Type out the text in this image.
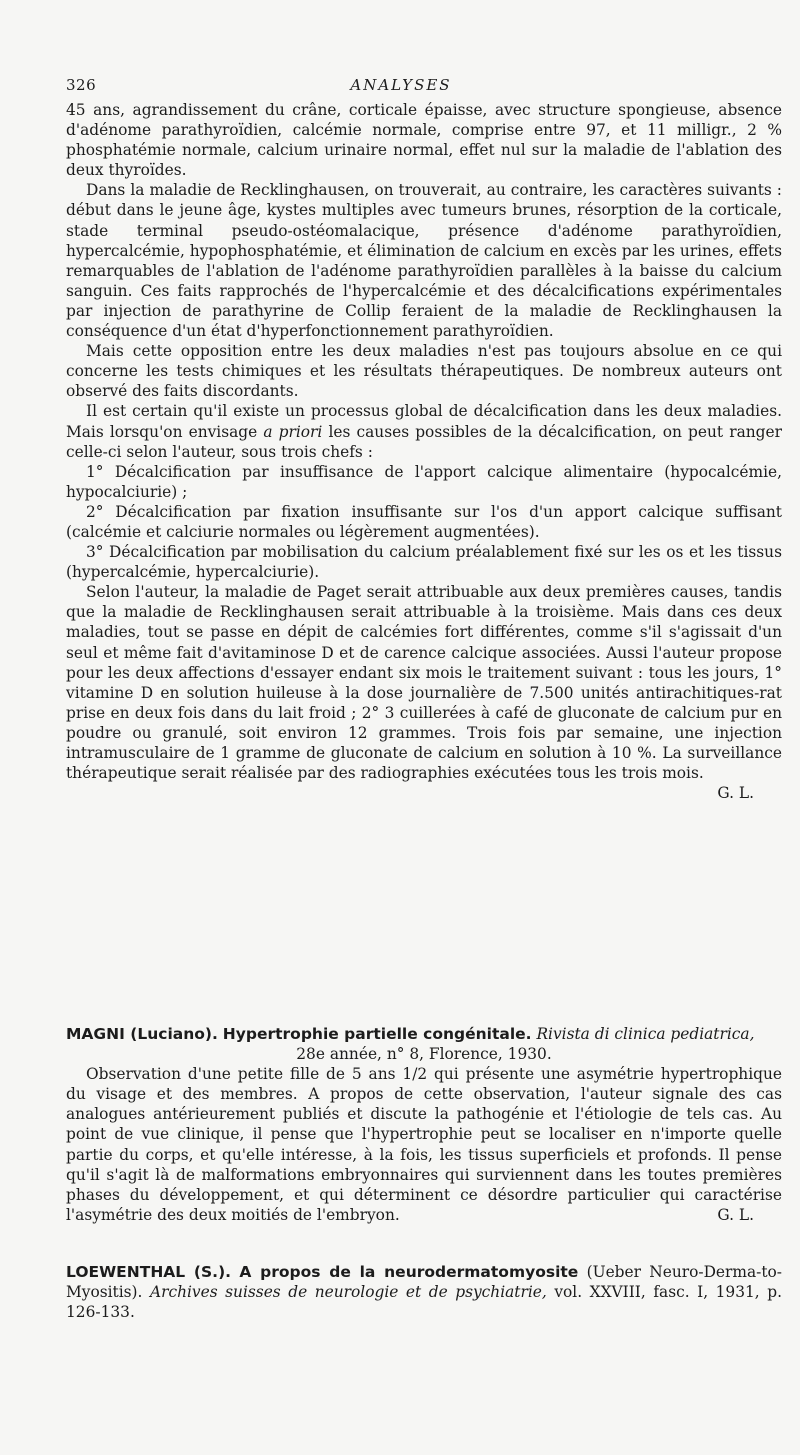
326	ANALYSES

45 ans, agrandissement du crâne, corticale épaisse, avec structure spongieuse, absence d'adénome parathyroïdien, calcémie normale, comprise entre 97, et 11 milligr., 2 % phosphatémie normale, calcium urinaire normal, effet nul sur la maladie de l'ablation des deux thyroïdes.

Dans la maladie de Recklinghausen, on trouverait, au contraire, les caractères suivants : début dans le jeune âge, kystes multiples avec tumeurs brunes, résorption de la corticale, stade terminal pseudo-ostéomalacique, présence d'adénome parathyroïdien, hypercalcémie, hypophosphatémie, et élimination de calcium en excès par les urines, effets remarquables de l'ablation de l'adénome parathyroïdien parallèles à la baisse du calcium sanguin. Ces faits rapprochés de l'hypercalcémie et des décalcifications expérimentales par injection de parathyrine de Collip feraient de la maladie de Recklinghausen la conséquence d'un état d'hyperfonctionnement parathyroïdien.

Mais cette opposition entre les deux maladies n'est pas toujours absolue en ce qui concerne les tests chimiques et les résultats thérapeutiques. De nombreux auteurs ont observé des faits discordants.

Il est certain qu'il existe un processus global de décalcification dans les deux maladies. Mais lorsqu'on envisage a priori les causes possibles de la décalcification, on peut ranger celle-ci selon l'auteur, sous trois chefs :

1° Décalcification par insuffisance de l'apport calcique alimentaire (hypocalcémie, hypocalciurie) ;

2° Décalcification par fixation insuffisante sur l'os d'un apport calcique suffisant (calcémie et calciurie normales ou légèrement augmentées).

3° Décalcification par mobilisation du calcium préalablement fixé sur les os et les tissus (hypercalcémie, hypercalciurie).

Selon l'auteur, la maladie de Paget serait attribuable aux deux premières causes, tandis que la maladie de Recklinghausen serait attribuable à la troisième. Mais dans ces deux maladies, tout se passe en dépit de calcémies fort différentes, comme s'il s'agissait d'un seul et même fait d'avitaminose D et de carence calcique associées. Aussi l'auteur propose pour les deux affections d'essayer endant six mois le traitement suivant : tous les jours, 1° vitamine D en solution huileuse à la dose journalière de 7.500 unités antirachitiques-rat prise en deux fois dans du lait froid ; 2° 3 cuillerées à café de gluconate de calcium pur en poudre ou granulé, soit environ 12 grammes. Trois fois par semaine, une injection intramusculaire de 1 gramme de gluconate de calcium en solution à 10 %. La surveillance thérapeutique serait réalisée par des radiographies exécutées tous les trois mois.
G. L.

MAGNI (Luciano). Hypertrophie partielle congénitale. Rivista di clinica pediatrica,

28e année, n° 8, Florence, 1930.

Observation d'une petite fille de 5 ans 1/2 qui présente une asymétrie hypertrophique du visage et des membres. A propos de cette observation, l'auteur signale des cas analogues antérieurement publiés et discute la pathogénie et l'étiologie de tels cas. Au point de vue clinique, il pense que l'hypertrophie peut se localiser en n'importe quelle partie du corps, et qu'elle intéresse, à la fois, les tissus superficiels et profonds. Il pense qu'il s'agit là de malformations embryonnaires qui surviennent dans les toutes premières phases du développement, et qui déterminent ce désordre particulier qui caractérise l'asymétrie des deux moitiés de l'embryon.	G. L.

LOEWENTHAL (S.). A propos de la neurodermatomyosite (Ueber Neuro-Derma-to-Myositis). Archives suisses de neurologie et de psychiatrie, vol. XXVIII, fasc. I, 1931, p. 126-133.
